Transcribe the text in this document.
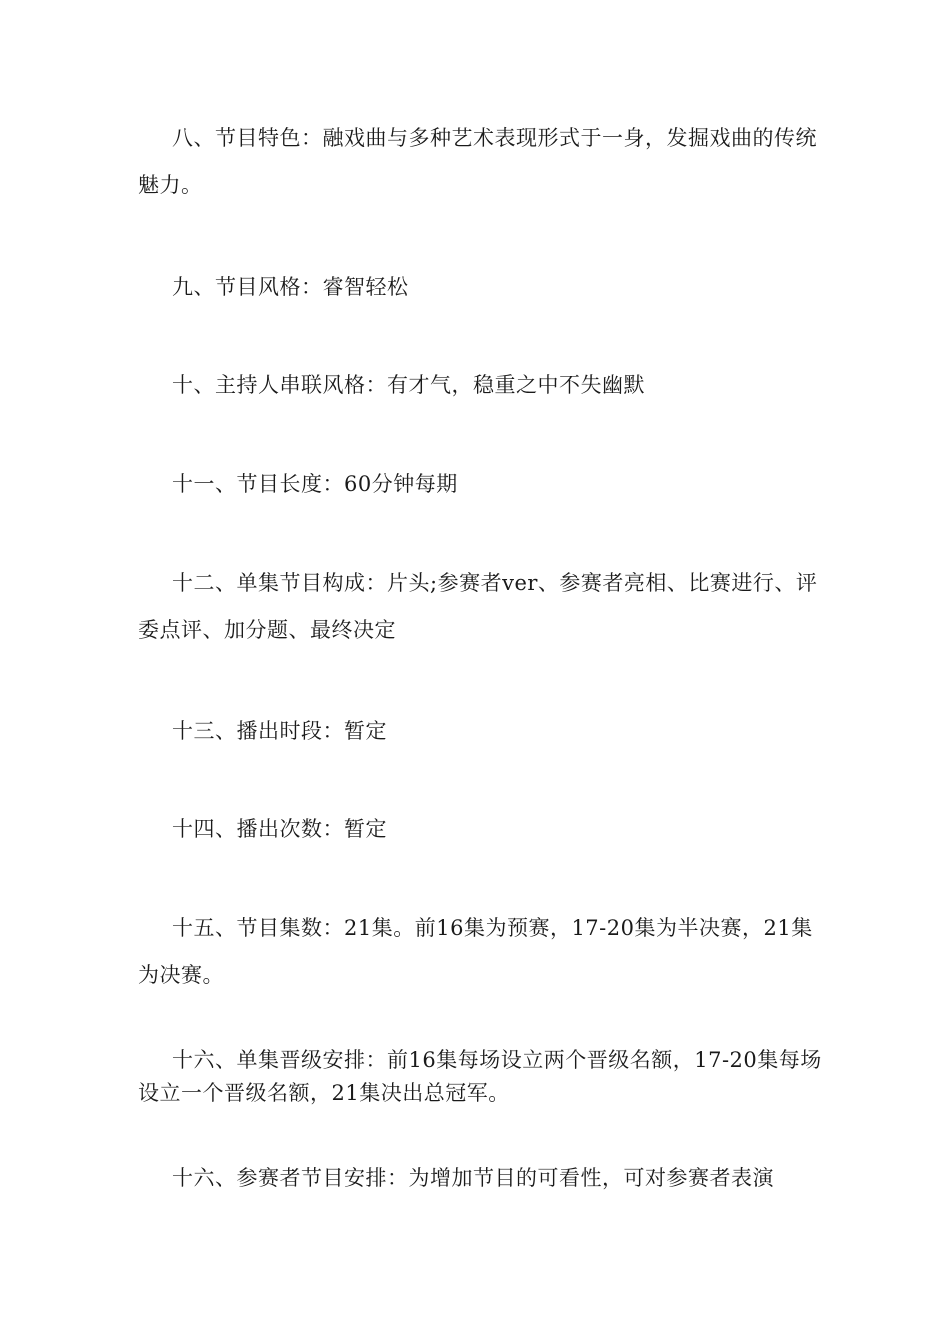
八、节目特色：融戏曲与多种艺术表现形式于一身，发掘戏曲的传统魅力。

九、节目风格：睿智轻松

十、主持人串联风格：有才气，稳重之中不失幽默

十一、节目长度：60分钟每期

十二、单集节目构成：片头;参赛者ver、参赛者亮相、比赛进行、评委点评、加分题、最终决定

十三、播出时段：暂定

十四、播出次数：暂定

十五、节目集数：21集。前16集为预赛，17-20集为半决赛，21集为决赛。

十六、单集晋级安排：前16集每场设立两个晋级名额，17-20集每场设立一个晋级名额，21集决出总冠军。

十六、参赛者节目安排：为增加节目的可看性，可对参赛者表演
